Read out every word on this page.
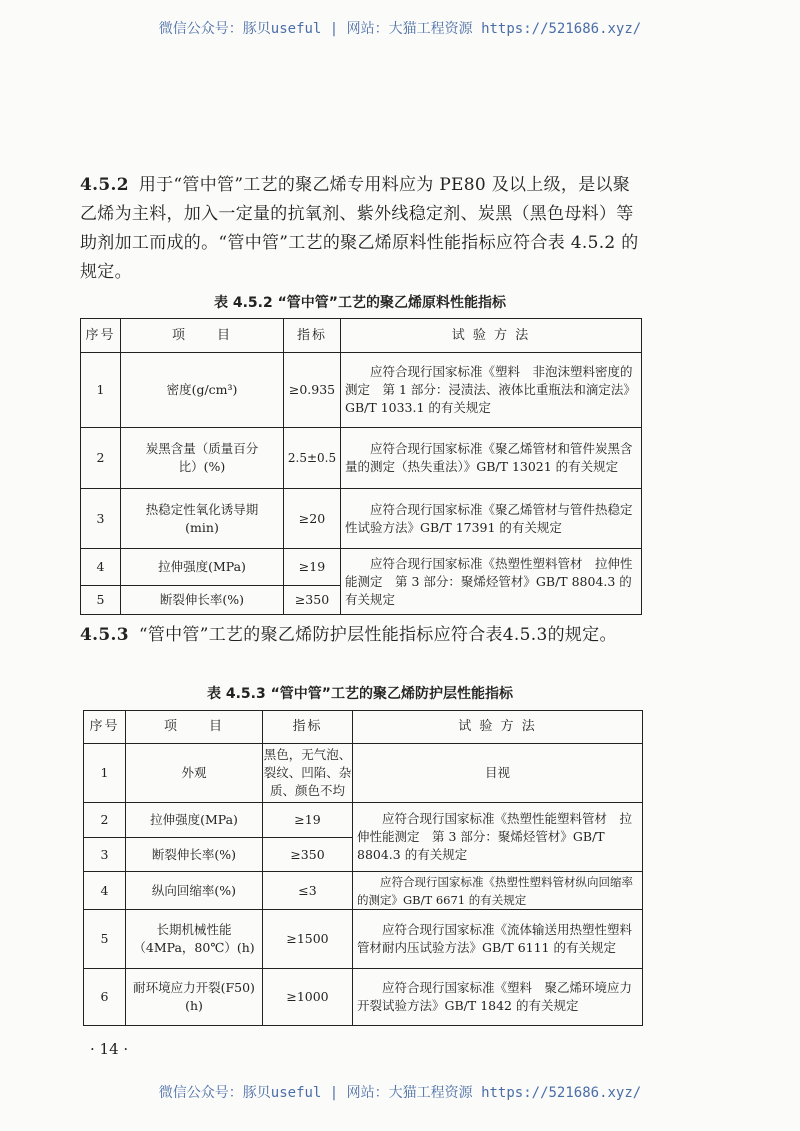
微信公众号：豚贝useful | 网站：大猫工程资源 https://521686.xyz/
4.5.2 用于“管中管”工艺的聚乙烯专用料应为 PE80 及以上级，是以聚乙烯为主料，加入一定量的抗氧剂、紫外线稳定剂、炭黑（黑色母料）等助剂加工而成的。“管中管”工艺的聚乙烯原料性能指标应符合表 4.5.2 的规定。
表 4.5.2 “管中管”工艺的聚乙烯原料性能指标
序号	项　　目	指标	试 验 方 法
1	密度(g/cm³)	≥0.935	应符合现行国家标准《塑料　非泡沫塑料密度的测定　第 1 部分：浸渍法、液体比重瓶法和滴定法》GB/T 1033.1 的有关规定
2	炭黑含量（质量百分比）(%)	2.5±0.5	应符合现行国家标准《聚乙烯管材和管件炭黑含量的测定（热失重法）》GB/T 13021 的有关规定
3	热稳定性氧化诱导期(min)	≥20	应符合现行国家标准《聚乙烯管材与管件热稳定性试验方法》GB/T 17391 的有关规定
4	拉伸强度(MPa)	≥19	应符合现行国家标准《热塑性塑料管材　拉伸性能测定　第 3 部分：聚烯烃管材》GB/T 8804.3 的有关规定
5	断裂伸长率(%)	≥350	
4.5.3 “管中管”工艺的聚乙烯防护层性能指标应符合表4.5.3的规定。
表 4.5.3 “管中管”工艺的聚乙烯防护层性能指标
序号	项　　目	指标	试 验 方 法
1	外观	黑色，无气泡、裂纹、凹陷、杂质、颜色不均	目视
2	拉伸强度(MPa)	≥19	应符合现行国家标准《热塑性能塑料管材　拉伸性能测定　第 3 部分：聚烯烃管材》GB/T 8804.3 的有关规定
3	断裂伸长率(%)	≥350	
4	纵向回缩率(%)	≤3	应符合现行国家标准《热塑性塑料管材纵向回缩率的测定》GB/T 6671 的有关规定
5	长期机械性能（4MPa，80℃）(h)	≥1500	应符合现行国家标准《流体输送用热塑性塑料管材耐内压试验方法》GB/T 6111 的有关规定
6	耐环境应力开裂(F50)(h)	≥1000	应符合现行国家标准《塑料　聚乙烯环境应力开裂试验方法》GB/T 1842 的有关规定
· 14 ·
微信公众号：豚贝useful | 网站：大猫工程资源 https://521686.xyz/
